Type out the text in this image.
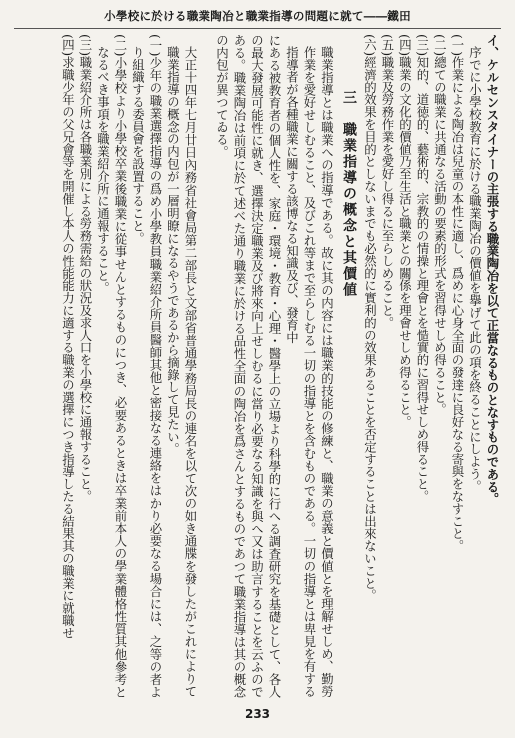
小學校に於ける職業陶冶と職業指導の問題に就て――鐵田

イ、ケルセンスタイナーの主張する職業陶冶を以て正當なるものとなすものである。

序でに小學校教育に於ける職業陶冶の價値を擧げて此の項を終ることにしよう。

(一)作業による陶冶は兒童の本性に適し、爲めに心身全面の發達に良好なる寄與をなすこと。

(二)總ての職業に共通なる活動の要素的形式を習得せしめ得ること。

(三)知的、道徳的、藝術的、宗教的の情操と理會とを慥實的に習得せしめ得ること。

(四)職業の文化的價値乃至生活と職業との關係を理會せしめ得ること。

(五)職業及勞務作業を愛好し得るに至らしめること。

(六)經濟的效果を目的としないまでも必然的に實利的の效果あることを否定することは出來ないこと。

三　職業指導の概念と其價値

職業指導とは職業への指導である。故に其の内容には職業的技能の修練と、職業の意義と價値とを理解せしめ、勤勞作業を愛好せしむること、及びこれ等まで至らしむる一切の指導とを含むものである。一切の指導とは卑見を有する指導者が各種職業に關する該博なる知識及び、發育中

にある被教育者の個人性を、家庭・環境・教育・心理・醫學上の立場より科學的に行へる調査研究を基礎として、各人の最大發展可能性に就き、選擇決定職業及び將來向上せしむるに當り必要なる知識を與へ又は助言することを云ふのである。職業陶冶は前項に於て述べた通り職業に於ける品性全面の陶冶を爲さんとするものであつて職業指導は其の概念の内包が異つてゐる。

大正十四年七月廿日內務省社會局第二部長と文部省普通學務局長の連名を以て次の如き通牒を發したがこれによりて職業指導の概念の内包が一層明瞭になるやうであるから摘錄して見たい。

(一)少年の職業選擇指導の爲め小學教員職業紹介所員醫師其他と密接なる連絡をはかり必要なる場合には、之等の者より組織する委員會を設置すること。

(二)小學校より小學校卒業後職業に從事せんとするものにつき、必要あるときは卒業前本人の學業體格性質其他參考となるべき事項を職業紹介所に通報すること。

(三)職業紹介所は各職業別による勞務需給の狀況及求人口を小學校に通報すること。

(四)求職少年の父兄會等を開催し本人の性能能力に適する職業の選擇につき指導したる結果其の職業に就職せ

233
